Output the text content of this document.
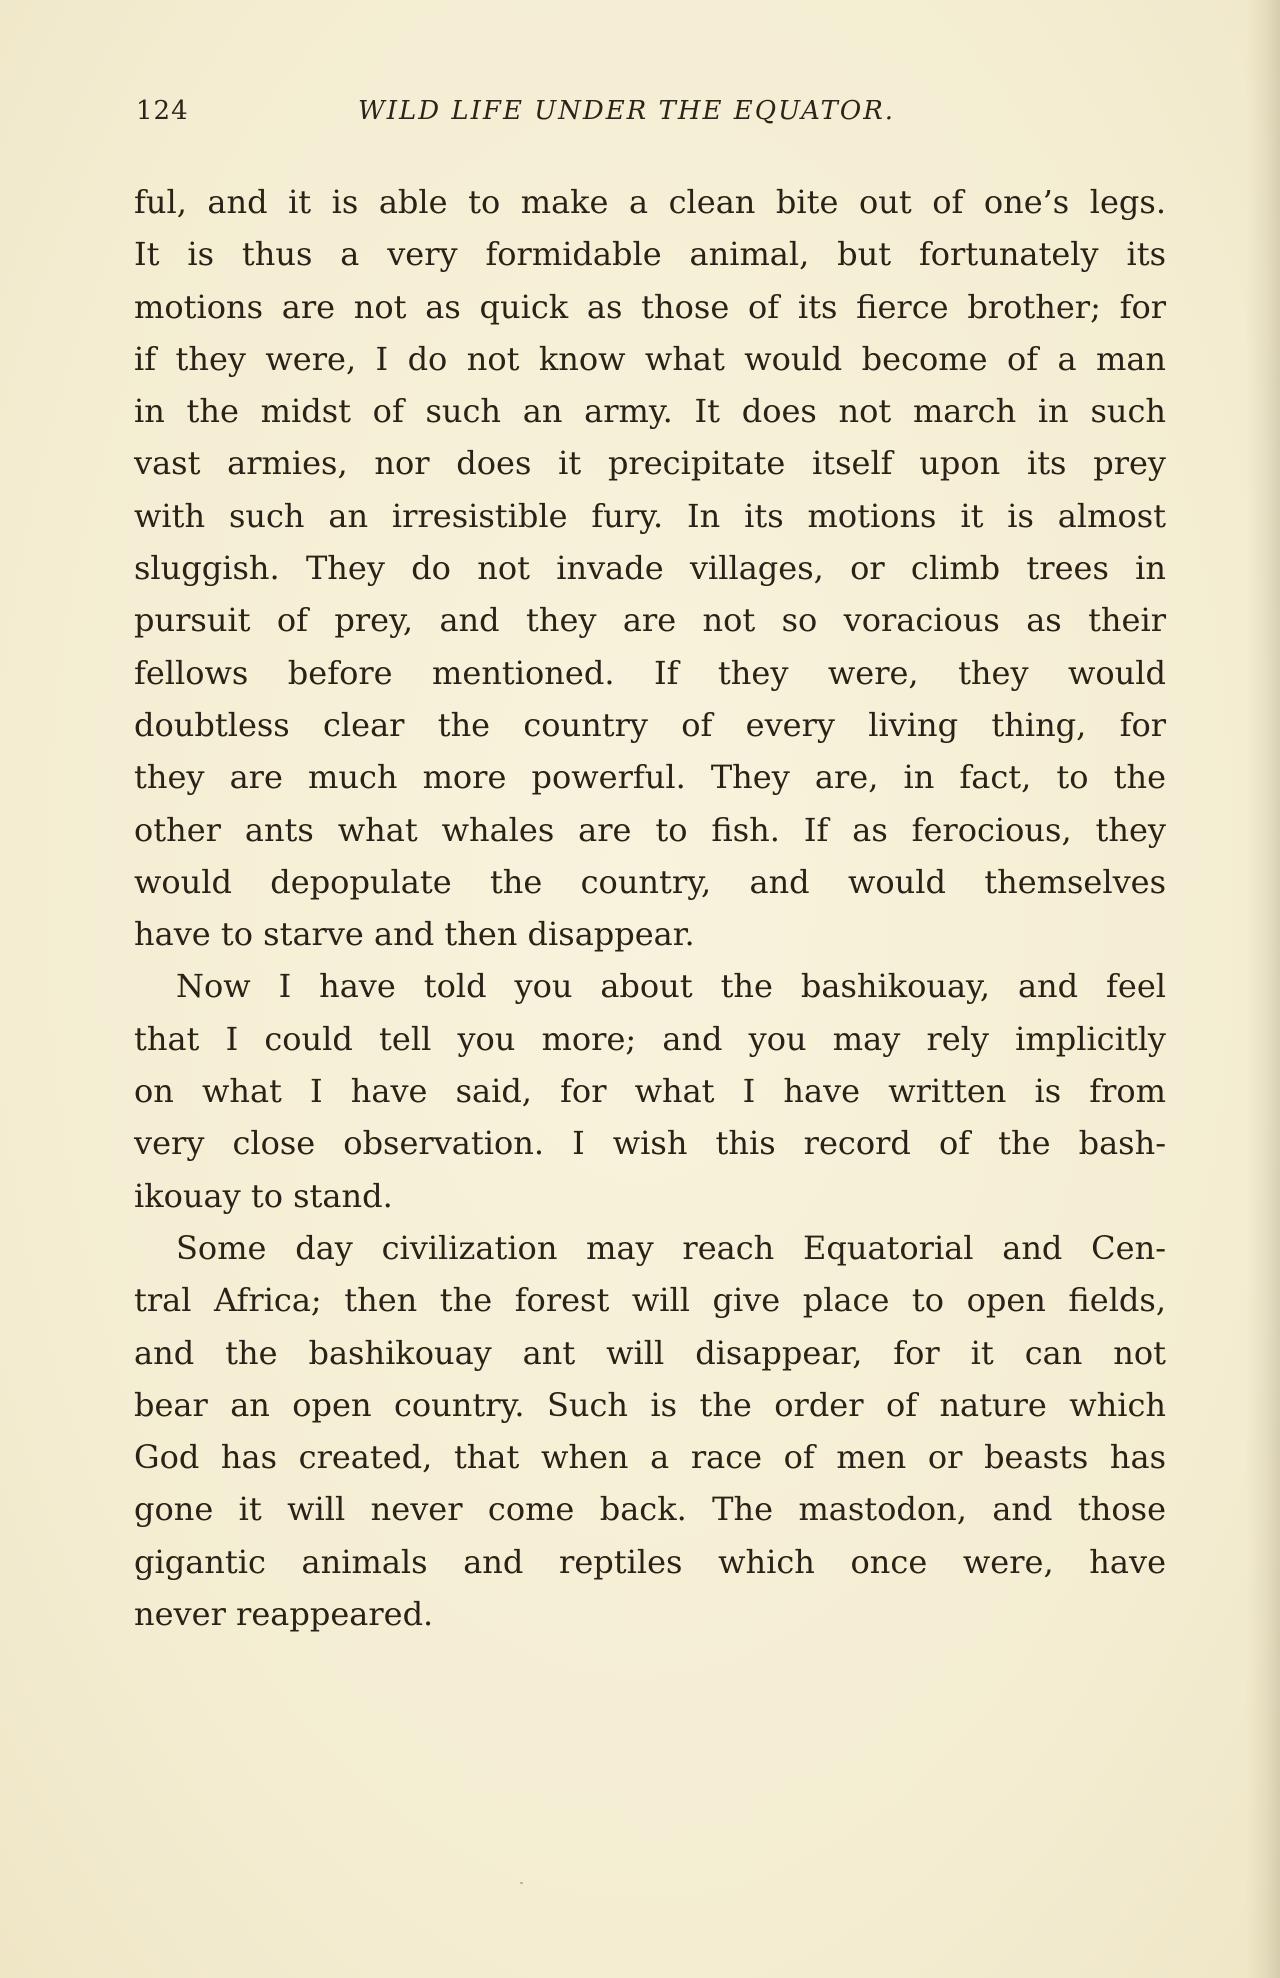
124	WILD LIFE UNDER THE EQUATOR.
ful, and it is able to make a clean bite out of one’s legs.
It is thus a very formidable animal, but fortunately its
motions are not as quick as those of its fierce brother; for
if they were, I do not know what would become of a man
in the midst of such an army. It does not march in such
vast armies, nor does it precipitate itself upon its prey
with such an irresistible fury. In its motions it is almost
sluggish. They do not invade villages, or climb trees in
pursuit of prey, and they are not so voracious as their
fellows before mentioned. If they were, they would
doubtless clear the country of every living thing, for
they are much more powerful. They are, in fact, to the
other ants what whales are to fish. If as ferocious, they
would depopulate the country, and would themselves
have to starve and then disappear.
Now I have told you about the bashikouay, and feel
that I could tell you more; and you may rely implicitly
on what I have said, for what I have written is from
very close observation. I wish this record of the bash-
ikouay to stand.
Some day civilization may reach Equatorial and Cen-
tral Africa; then the forest will give place to open fields,
and the bashikouay ant will disappear, for it can not
bear an open country. Such is the order of nature which
God has created, that when a race of men or beasts has
gone it will never come back. The mastodon, and those
gigantic animals and reptiles which once were, have
never reappeared.
